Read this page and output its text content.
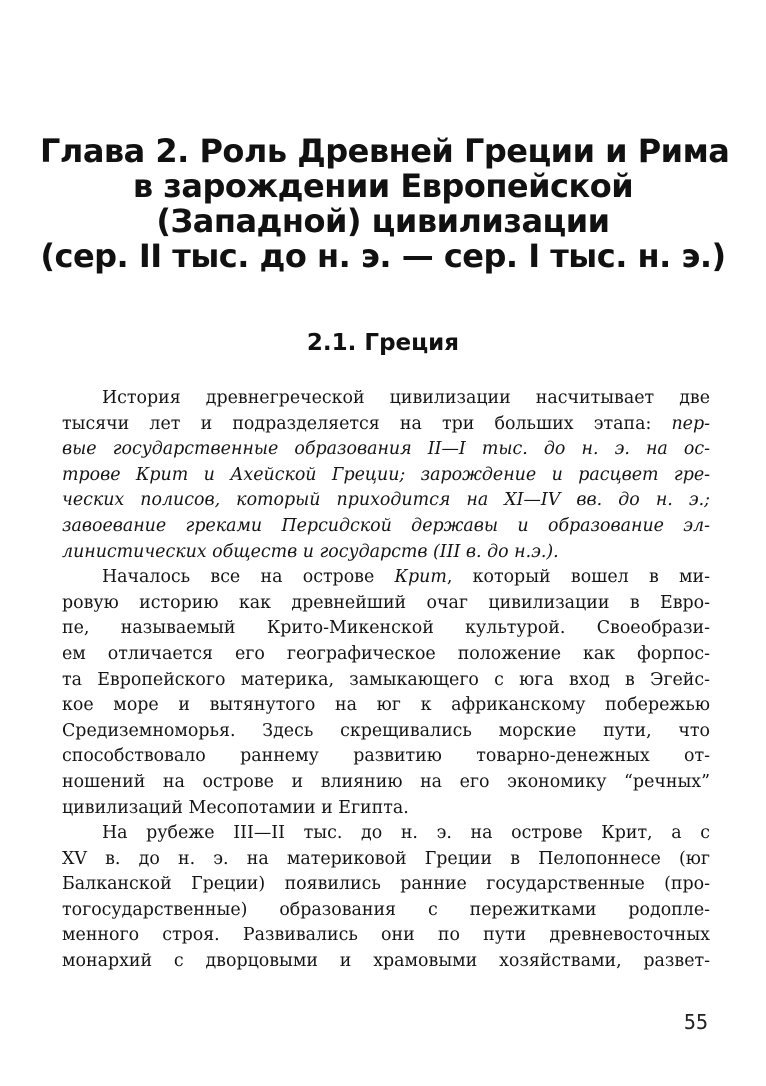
Глава 2. Роль Древней Греции и Рима
в зарождении Европейской
(Западной) цивилизации
(сер. II тыс. до н. э. — сер. I тыс. н. э.)
2.1. Греция
История древнегреческой цивилизации насчитывает две
тысячи лет и подразделяется на три больших этапа: пер-
вые государственные образования II—I тыс. до н. э. на ос-
трове Крит и Ахейской Греции; зарождение и расцвет гре-
ческих полисов, который приходится на XI—IV вв. до н. э.;
завоевание греками Персидской державы и образование эл-
линистических обществ и государств (III в. до н.э.).
Началось все на острове Крит, который вошел в ми-
ровую историю как древнейший очаг цивилизации в Евро-
пе, называемый Крито-Микенской культурой. Своеобрази-
ем отличается его географическое положение как форпос-
та Европейского материка, замыкающего с юга вход в Эгейс-
кое море и вытянутого на юг к африканскому побережью
Средиземноморья. Здесь скрещивались морские пути, что
способствовало раннему развитию товарно-денежных от-
ношений на острове и влиянию на его экономику “речных”
цивилизаций Месопотамии и Египта.
На рубеже III—II тыс. до н. э. на острове Крит, а с
XV в. до н. э. на материковой Греции в Пелопоннесе (юг
Балканской Греции) появились ранние государственные (про-
тогосударственные) образования с пережитками родопле-
менного строя. Развивались они по пути древневосточных
монархий с дворцовыми и храмовыми хозяйствами, развет-
55
